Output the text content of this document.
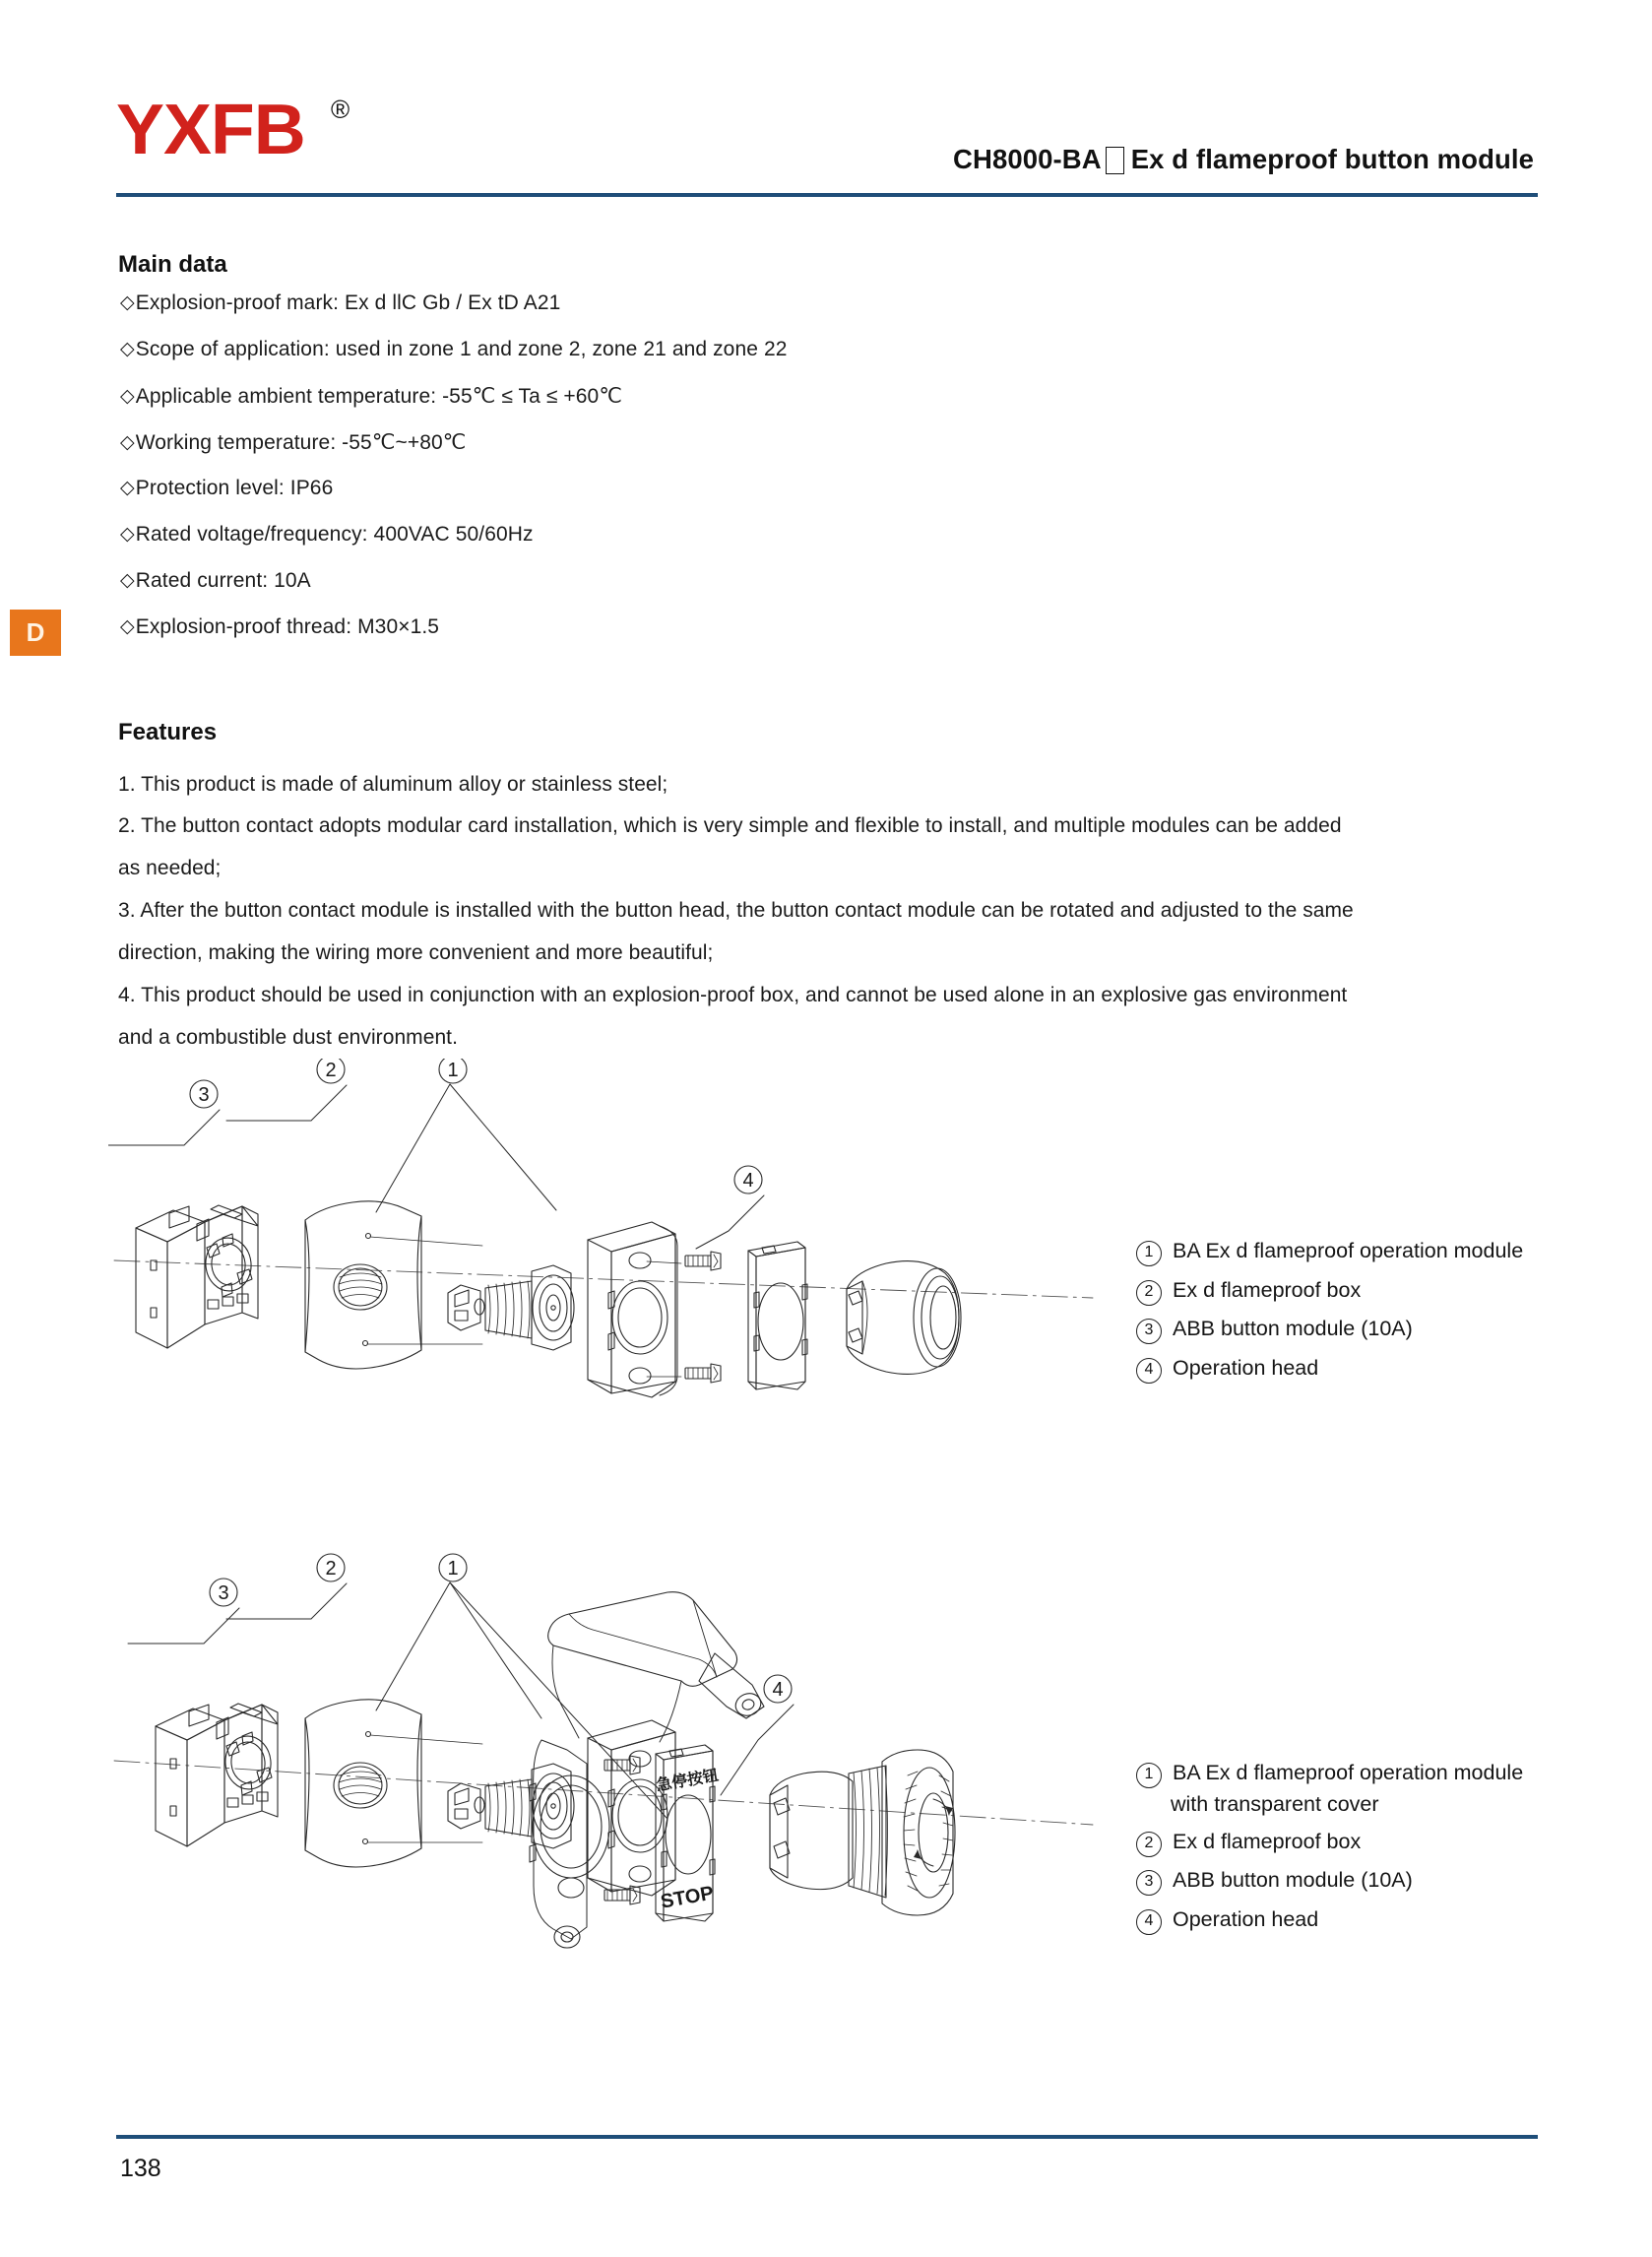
YXFB ®
CH8000-BA Ex d flameproof button module
D
Main data
◇Explosion-proof mark: Ex d llC Gb / Ex tD A21
◇Scope of application: used in zone 1 and zone 2, zone 21 and zone 22
◇Applicable ambient temperature: -55℃ ≤ Ta ≤ +60℃
◇Working temperature: -55℃~+80℃
◇Protection level: IP66
◇Rated voltage/frequency: 400VAC 50/60Hz
◇Rated current: 10A
◇Explosion-proof thread: M30×1.5
Features
1. This product is made of aluminum alloy or stainless steel;
2. The button contact adopts modular card installation, which is very simple and flexible to install, and multiple modules can be added
as needed;
3. After the button contact module is installed with the button head, the button contact module can be rotated and adjusted to the same
direction, making the wiring more convenient and more beautiful;
4. This product should be used in conjunction with an explosion-proof box, and cannot be used alone in an explosive gas environment
and a combustible dust environment.
3
2	1
4
1 BA Ex d flameproof operation module
2 Ex d flameproof box
3 ABB button module (10A)
4 Operation head
3
2	1
4
急停按钮
STOP
1 BA Ex d flameproof operation module
with transparent cover
2 Ex d flameproof box
3 ABB button module (10A)
4 Operation head
138
